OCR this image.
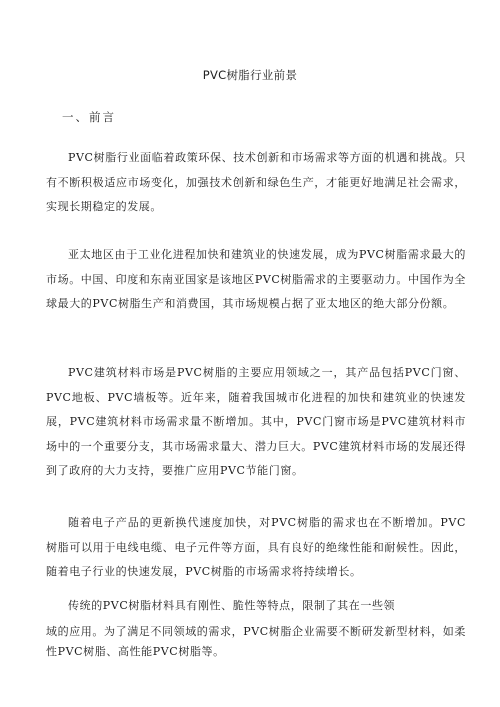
PVC树脂行业前景
一、前言

PVC树脂行业面临着政策环保、技术创新和市场需求等方面的机遇和挑战。只有不断积极适应市场变化，加强技术创新和绿色生产，才能更好地满足社会需求，实现长期稳定的发展。

亚太地区由于工业化进程加快和建筑业的快速发展，成为PVC树脂需求最大的市场。中国、印度和东南亚国家是该地区PVC树脂需求的主要驱动力。中国作为全球最大的PVC树脂生产和消费国，其市场规模占据了亚太地区的绝大部分份额。

PVC建筑材料市场是PVC树脂的主要应用领域之一，其产品包括PVC门窗、PVC地板、PVC墙板等。近年来，随着我国城市化进程的加快和建筑业的快速发展，PVC建筑材料市场需求量不断增加。其中，PVC门窗市场是PVC建筑材料市场中的一个重要分支，其市场需求量大、潜力巨大。PVC建筑材料市场的发展还得到了政府的大力支持，要推广应用PVC节能门窗。

随着电子产品的更新换代速度加快，对PVC树脂的需求也在不断增加。PVC树脂可以用于电线电缆、电子元件等方面，具有良好的绝缘性能和耐候性。因此，随着电子行业的快速发展，PVC树脂的市场需求将持续增长。

传统的PVC树脂材料具有刚性、脆性等特点，限制了其在一些领

域的应用。为了满足不同领域的需求，PVC树脂企业需要不断研发新型材料，如柔性PVC树脂、高性能PVC树脂等。
